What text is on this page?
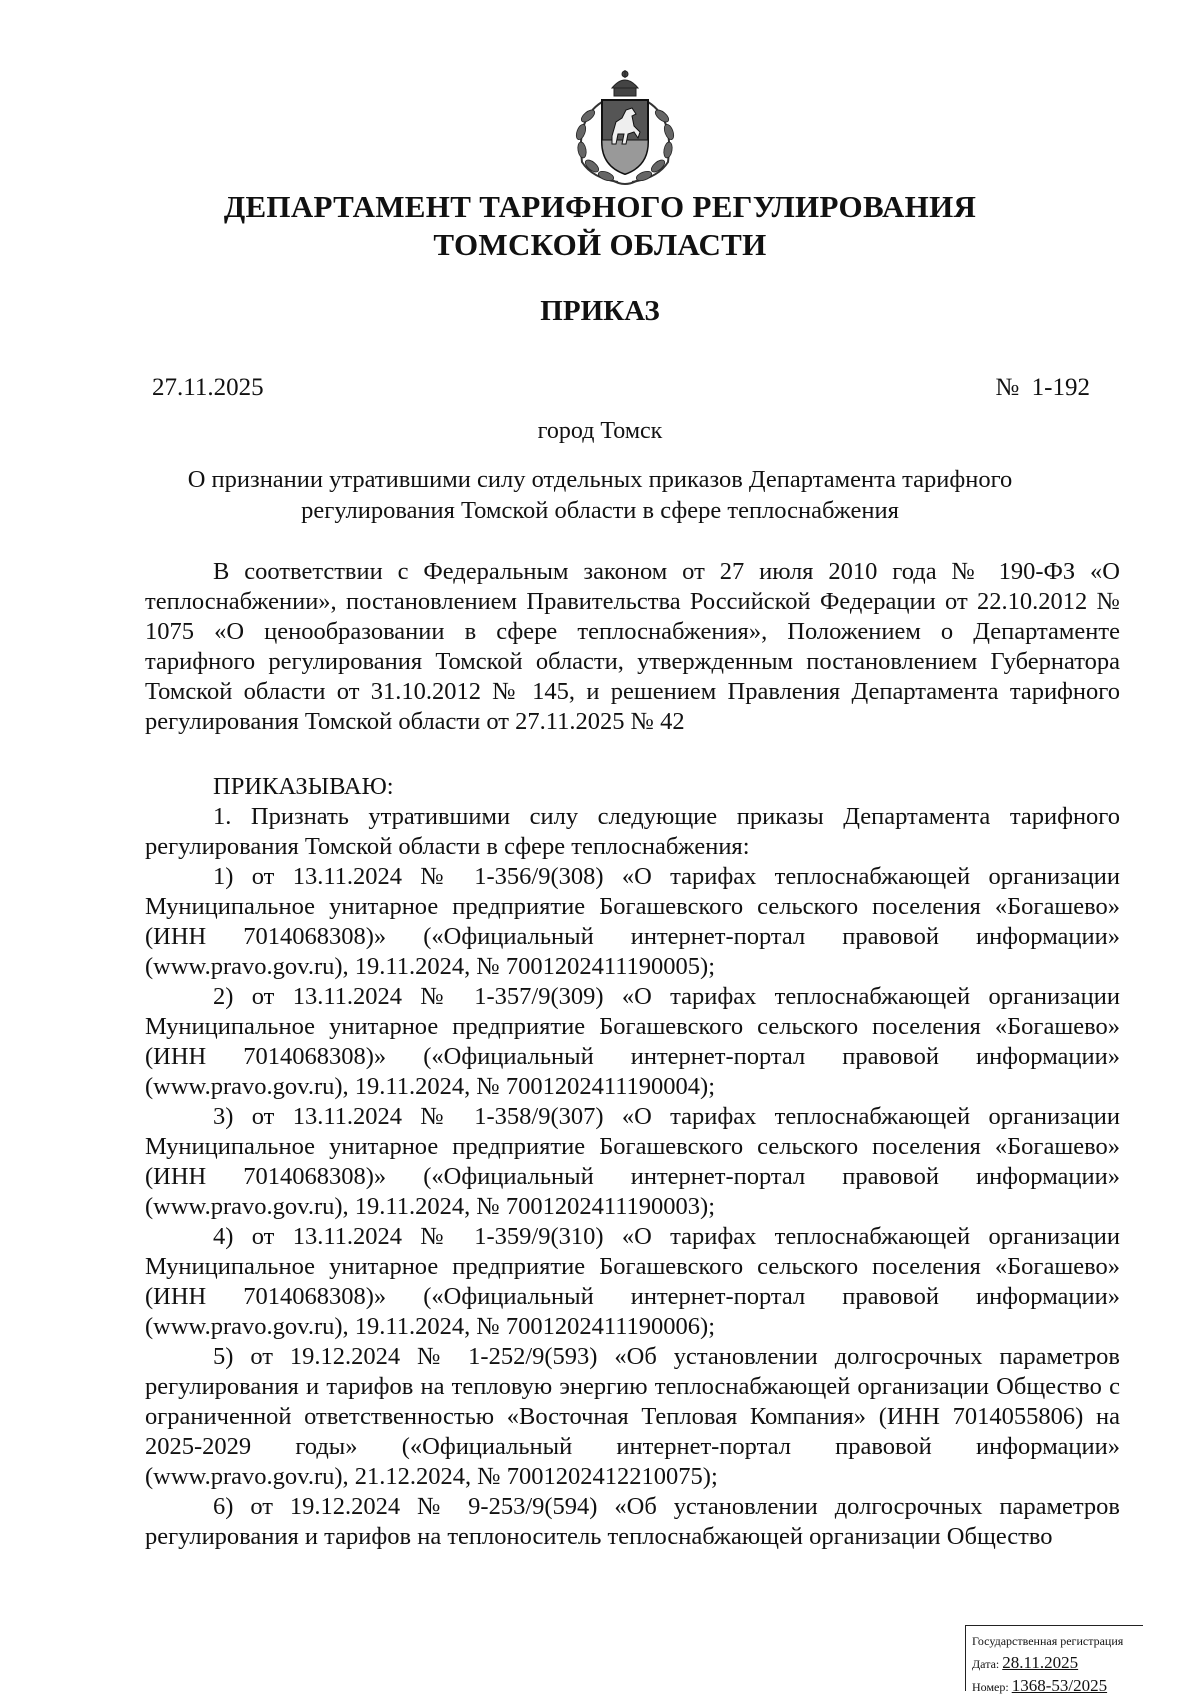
ДЕПАРТАМЕНТ ТАРИФНОГО РЕГУЛИРОВАНИЯ
ТОМСКОЙ ОБЛАСТИ
ПРИКАЗ
27.11.2025	№  1-192
город Томск
О признании утратившими силу отдельных приказов Департамента тарифного регулирования Томской области в сфере теплоснабжения

В соответствии с Федеральным законом от 27 июля 2010 года № 190-ФЗ «О теплоснабжении», постановлением Правительства Российской Федерации от 22.10.2012 № 1075 «О ценообразовании в сфере теплоснабжения», Положением о Департаменте тарифного регулирования Томской области, утвержденным постановлением Губернатора Томской области от 31.10.2012 № 145, и решением Правления Департамента тарифного регулирования Томской области от 27.11.2025 № 42

ПРИКАЗЫВАЮ:

1. Признать утратившими силу следующие приказы Департамента тарифного регулирования Томской области в сфере теплоснабжения:

1) от 13.11.2024 № 1-356/9(308) «О тарифах теплоснабжающей организации Муниципальное унитарное предприятие Богашевского сельского поселения «Богашево» (ИНН 7014068308)» («Официальный интернет-портал правовой информации» (www.pravo.gov.ru), 19.11.2024, № 7001202411190005);

2) от 13.11.2024 № 1-357/9(309) «О тарифах теплоснабжающей организации Муниципальное унитарное предприятие Богашевского сельского поселения «Богашево» (ИНН 7014068308)» («Официальный интернет-портал правовой информации» (www.pravo.gov.ru), 19.11.2024, № 7001202411190004);

3) от 13.11.2024 № 1-358/9(307) «О тарифах теплоснабжающей организации Муниципальное унитарное предприятие Богашевского сельского поселения «Богашево» (ИНН 7014068308)» («Официальный интернет-портал правовой информации» (www.pravo.gov.ru), 19.11.2024, № 7001202411190003);

4) от 13.11.2024 № 1-359/9(310) «О тарифах теплоснабжающей организации Муниципальное унитарное предприятие Богашевского сельского поселения «Богашево» (ИНН 7014068308)» («Официальный интернет-портал правовой информации» (www.pravo.gov.ru), 19.11.2024, № 7001202411190006);

5) от 19.12.2024 № 1-252/9(593) «Об установлении долгосрочных параметров регулирования и тарифов на тепловую энергию теплоснабжающей организации Общество с ограниченной ответственностью «Восточная Тепловая Компания» (ИНН 7014055806) на 2025-2029 годы» («Официальный интернет-портал правовой информации» (www.pravo.gov.ru), 21.12.2024, № 7001202412210075);

6) от 19.12.2024 № 9-253/9(594) «Об установлении долгосрочных параметров регулирования и тарифов на теплоноситель теплоснабжающей организации Общество

Государственная регистрация
Дата: 28.11.2025
Номер: 1368-53/2025
